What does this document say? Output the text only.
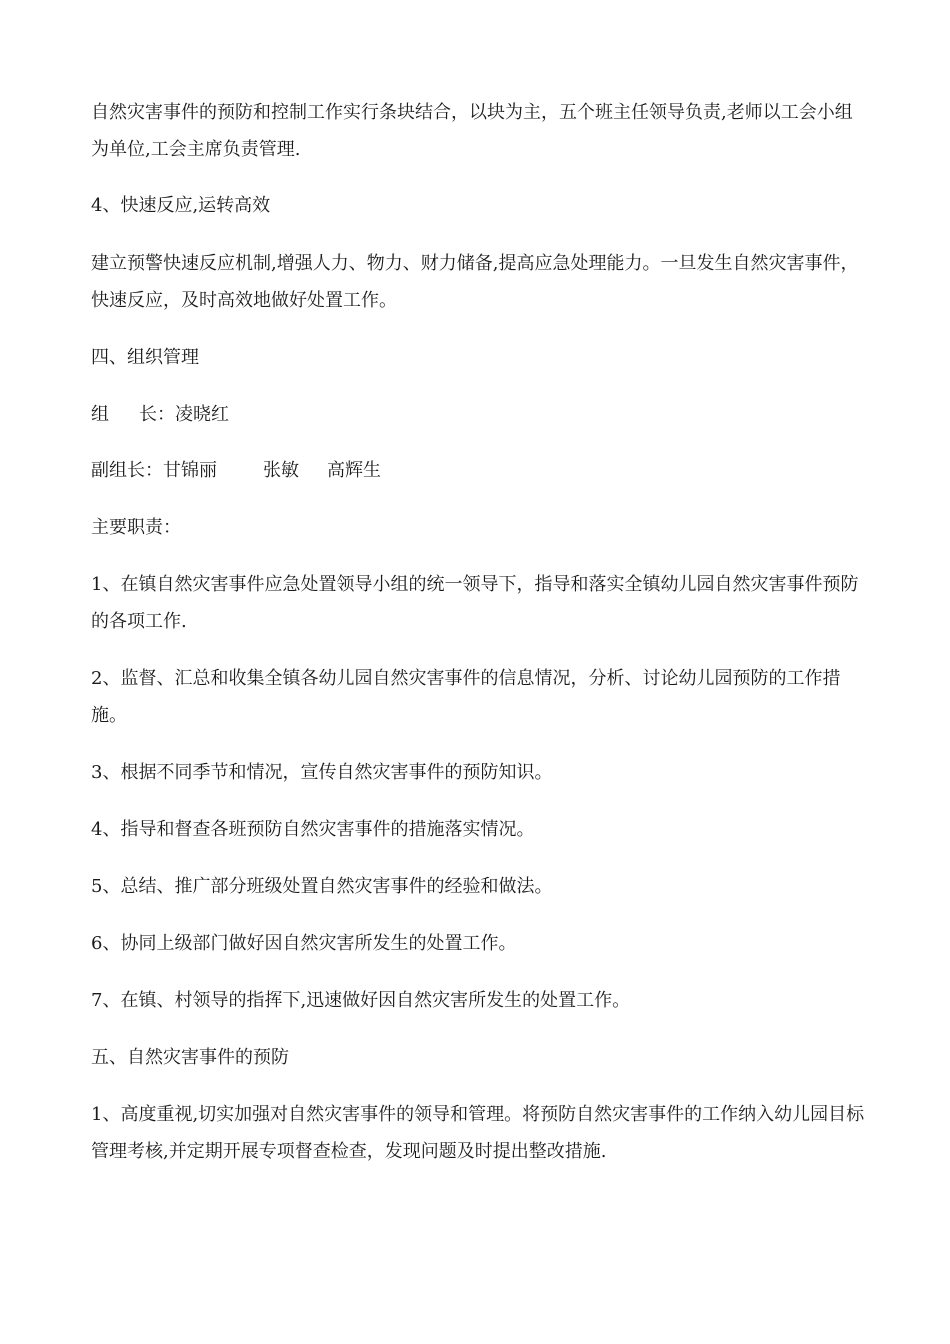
自然灾害事件的预防和控制工作实行条块结合，以块为主，五个班主任领导负责,老师以工会小组为单位,工会主席负责管理.

4、快速反应,运转高效

建立预警快速反应机制,增强人力、物力、财力储备,提高应急处理能力。一旦发生自然灾害事件，快速反应，及时高效地做好处置工作。

四、组织管理

组 长：凌晓红

副组长：甘锦丽	张敏 高辉生

主要职责：

1、在镇自然灾害事件应急处置领导小组的统一领导下，指导和落实全镇幼儿园自然灾害事件预防的各项工作.

2、监督、汇总和收集全镇各幼儿园自然灾害事件的信息情况，分析、讨论幼儿园预防的工作措施。

3、根据不同季节和情况，宣传自然灾害事件的预防知识。

4、指导和督查各班预防自然灾害事件的措施落实情况。

5、总结、推广部分班级处置自然灾害事件的经验和做法。

6、协同上级部门做好因自然灾害所发生的处置工作。

7、在镇、村领导的指挥下,迅速做好因自然灾害所发生的处置工作。

五、自然灾害事件的预防

1、高度重视,切实加强对自然灾害事件的领导和管理。将预防自然灾害事件的工作纳入幼儿园目标管理考核,并定期开展专项督查检查，发现问题及时提出整改措施.
